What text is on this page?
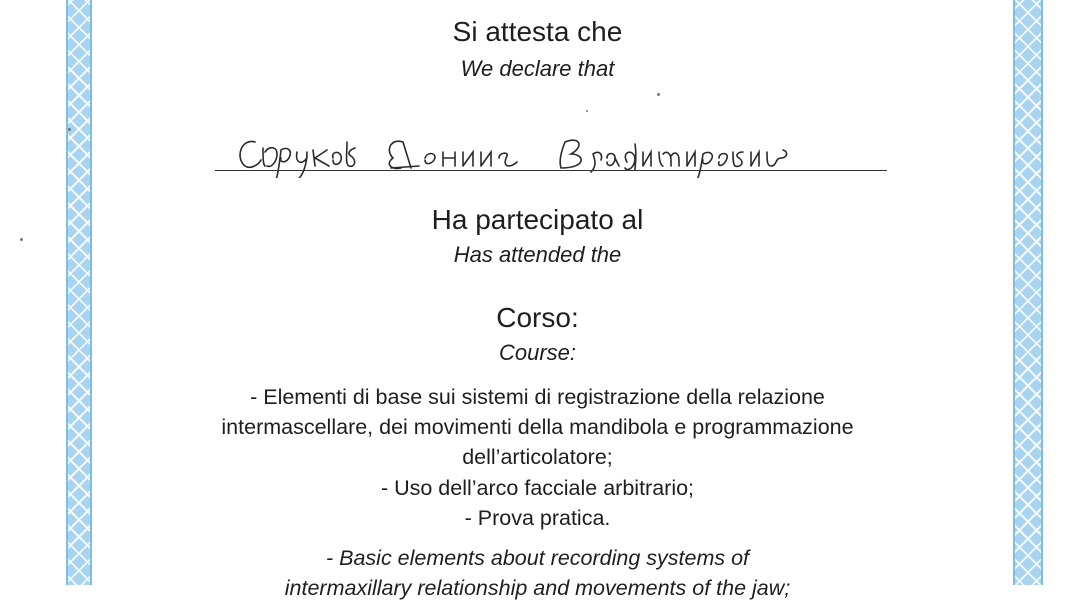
Si attesta che

We declare that

Ha partecipato al

Has attended the

Corso:

Course:

- Elementi di base sui sistemi di registrazione della relazione

intermascellare, dei movimenti della mandibola e programmazione

dell’articolatore;

- Uso dell’arco facciale arbitrario;

- Prova pratica.

- Basic elements about recording systems of

intermaxillary relationship and movements of the jaw;
